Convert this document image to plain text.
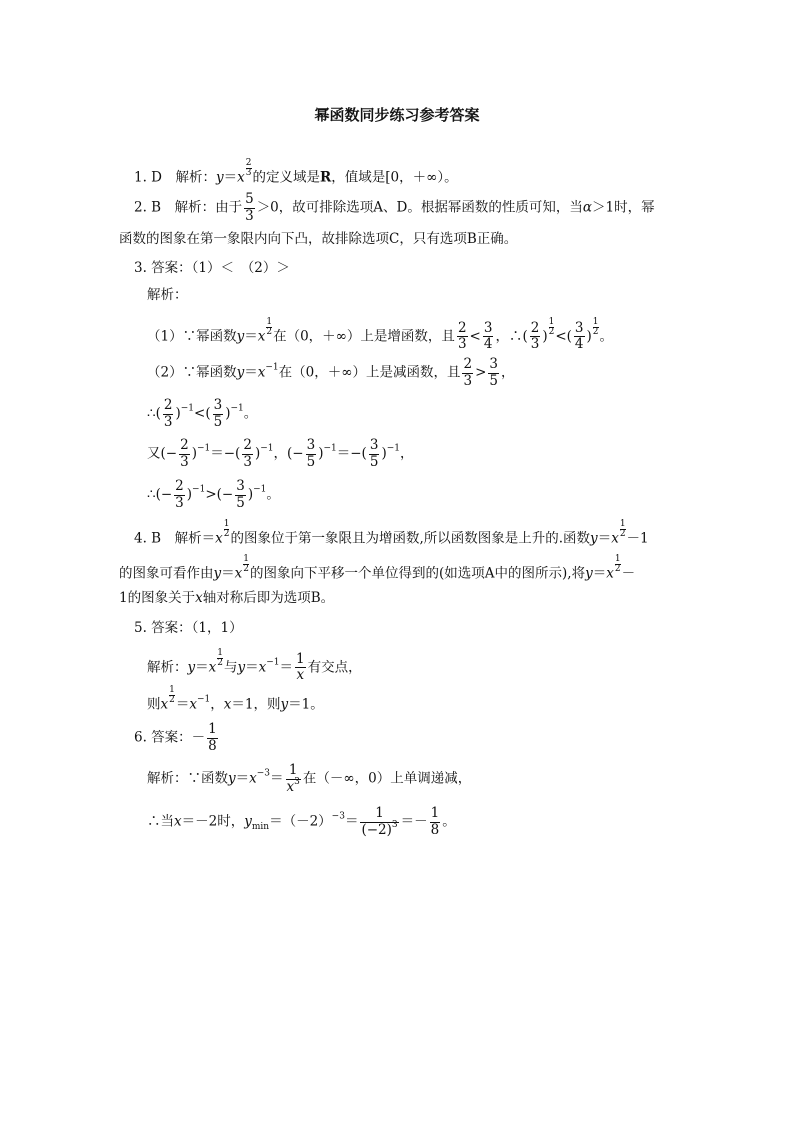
幂函数同步练习参考答案
1. D　 解析：$y=x \frac{2}{3}$ 的定义域是R，值域是[0，＋∞）。
2. B　 解析：由于 $\frac{5}{3} >0$，故可排除选项A、D。根据幂函数的性质可知，当α＞1时，幂
函数的图象在第一象限内向下凸，故排除选项C，只有选项B正确。
3. 答案：（1）＜　（2）＞
解析：
（1）∵幂函数$y=x \frac{1}{2}$ 在（0，＋∞）上是增函数，且 $\frac{2}{3} < \frac{3}{4}$ ，∴( $\frac{2}{3}$ ) $\frac{1}{2}$ <( $\frac{3}{4}$ ) $\frac{1}{2}$ 。
（2）∵幂函数$y=x^{-1}$在（0，＋∞）上是减函数，且 $\frac{2}{3} > \frac{3}{5}$ ，
∴( $\frac{2}{3} )^{-1}<( \frac{3}{5} )^{-1}$。
又(− $\frac{2}{3} )^{-1}=-( \frac{2}{3} )^{-1}$，(− $\frac{3}{5} )^{-1}=-( \frac{3}{5} )^{-1}$，
∴(− $\frac{2}{3} )^{-1}>(- \frac{3}{5} )^{-1}$。
4. B　 解析$=x \frac{1}{2}$ 的图象位于第一象限且为增函数,所以函数图象是上升的.函数$y=x \frac{1}{2} -1$
的图象可看作由$y=x \frac{1}{2}$ 的图象向下平移一个单位得到的(如选项A中的图所示),将$y=x \frac{1}{2}$ －
1的图象关于x轴对称后即为选项B。
5. 答案：（1，1）
解析：$y=x \frac{1}{2}$ 与$y=x^{-1}= \frac{1}{x}$ 有交点，
则x $\frac{1}{2} =x^{-1}$，x＝1，则y＝1。
6. 答案：－ $\frac{1}{8}$
解析：∵函数$y=x^{-3}= \frac{1}{x^3}$ 在（－∞，0）上单调递减，
∴当x＝－2时，$y_{min}=(-2)^{-3}= \frac{1}{(-2)^3} =- \frac{1}{8}$ 。
